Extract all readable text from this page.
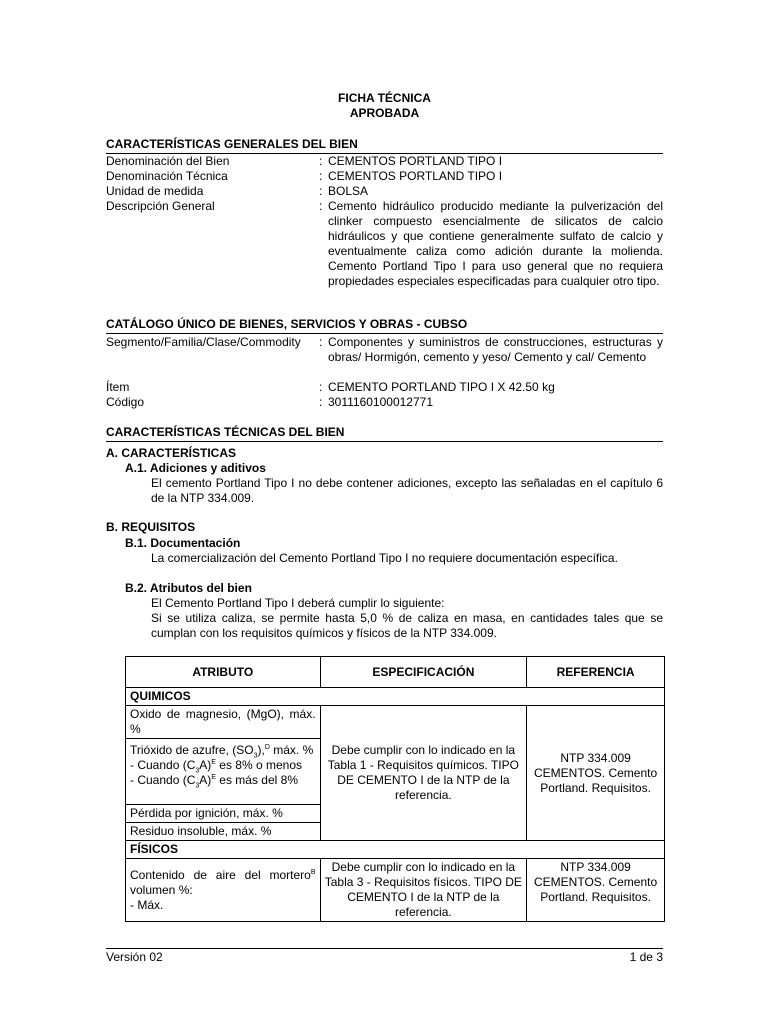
FICHA TÉCNICA
APROBADA
CARACTERÍSTICAS GENERALES DEL BIEN
Denominación del Bien	: CEMENTOS PORTLAND TIPO I
Denominación Técnica	: CEMENTOS PORTLAND TIPO I
Unidad de medida	: BOLSA
Descripción General	: Cemento hidráulico producido mediante la pulverización del clinker compuesto esencialmente de silicatos de calcio hidráulicos y que contiene generalmente sulfato de calcio y eventualmente caliza como adición durante la molienda. Cemento Portland Tipo I para uso general que no requiera propiedades especiales especificadas para cualquier otro tipo.
CATÁLOGO ÚNICO DE BIENES, SERVICIOS Y OBRAS - CUBSO
Segmento/Familia/Clase/Commodity	: Componentes y suministros de construcciones, estructuras y obras/ Hormigón, cemento y yeso/ Cemento y cal/ Cemento
Ítem	: CEMENTO PORTLAND TIPO I X 42.50 kg
Código	: 3011160100012771
CARACTERÍSTICAS TÉCNICAS DEL BIEN
A. CARACTERÍSTICAS
A.1. Adiciones y aditivos
El cemento Portland Tipo I no debe contener adiciones, excepto las señaladas en el capítulo 6 de la NTP 334.009.
B. REQUISITOS
B.1. Documentación
La comercialización del Cemento Portland Tipo I no requiere documentación específica.
B.2. Atributos del bien
El Cemento Portland Tipo I deberá cumplir lo siguiente:
Si se utiliza caliza, se permite hasta 5,0 % de caliza en masa, en cantidades tales que se cumplan con los requisitos químicos y físicos de la NTP 334.009.
ATRIBUTO	ESPECIFICACIÓN	REFERENCIA
QUIMICOS		
Oxido de magnesio, (MgO), máx. %	Debe cumplir con lo indicado en la Tabla 1 - Requisitos químicos. TIPO DE CEMENTO I de la NTP de la referencia.	NTP 334.009 CEMENTOS. Cemento Portland. Requisitos.
Trióxido de azufre, $(SO_3),^D$ máx. %
- Cuando $(C_3A)^E$ es 8% o menos
- Cuando $(C_3A)^E$ es más del 8%		
Pérdida por ignición, máx. %		
Residuo insoluble, máx. %		
FÍSICOS		
Contenido de aire del mortero$^B$ volumen %:
- Máx.	Debe cumplir con lo indicado en la Tabla 3 - Requisitos físicos. TIPO DE CEMENTO I de la NTP de la referencia.	NTP 334.009 CEMENTOS. Cemento Portland. Requisitos.
Versión 02	1 de 3
